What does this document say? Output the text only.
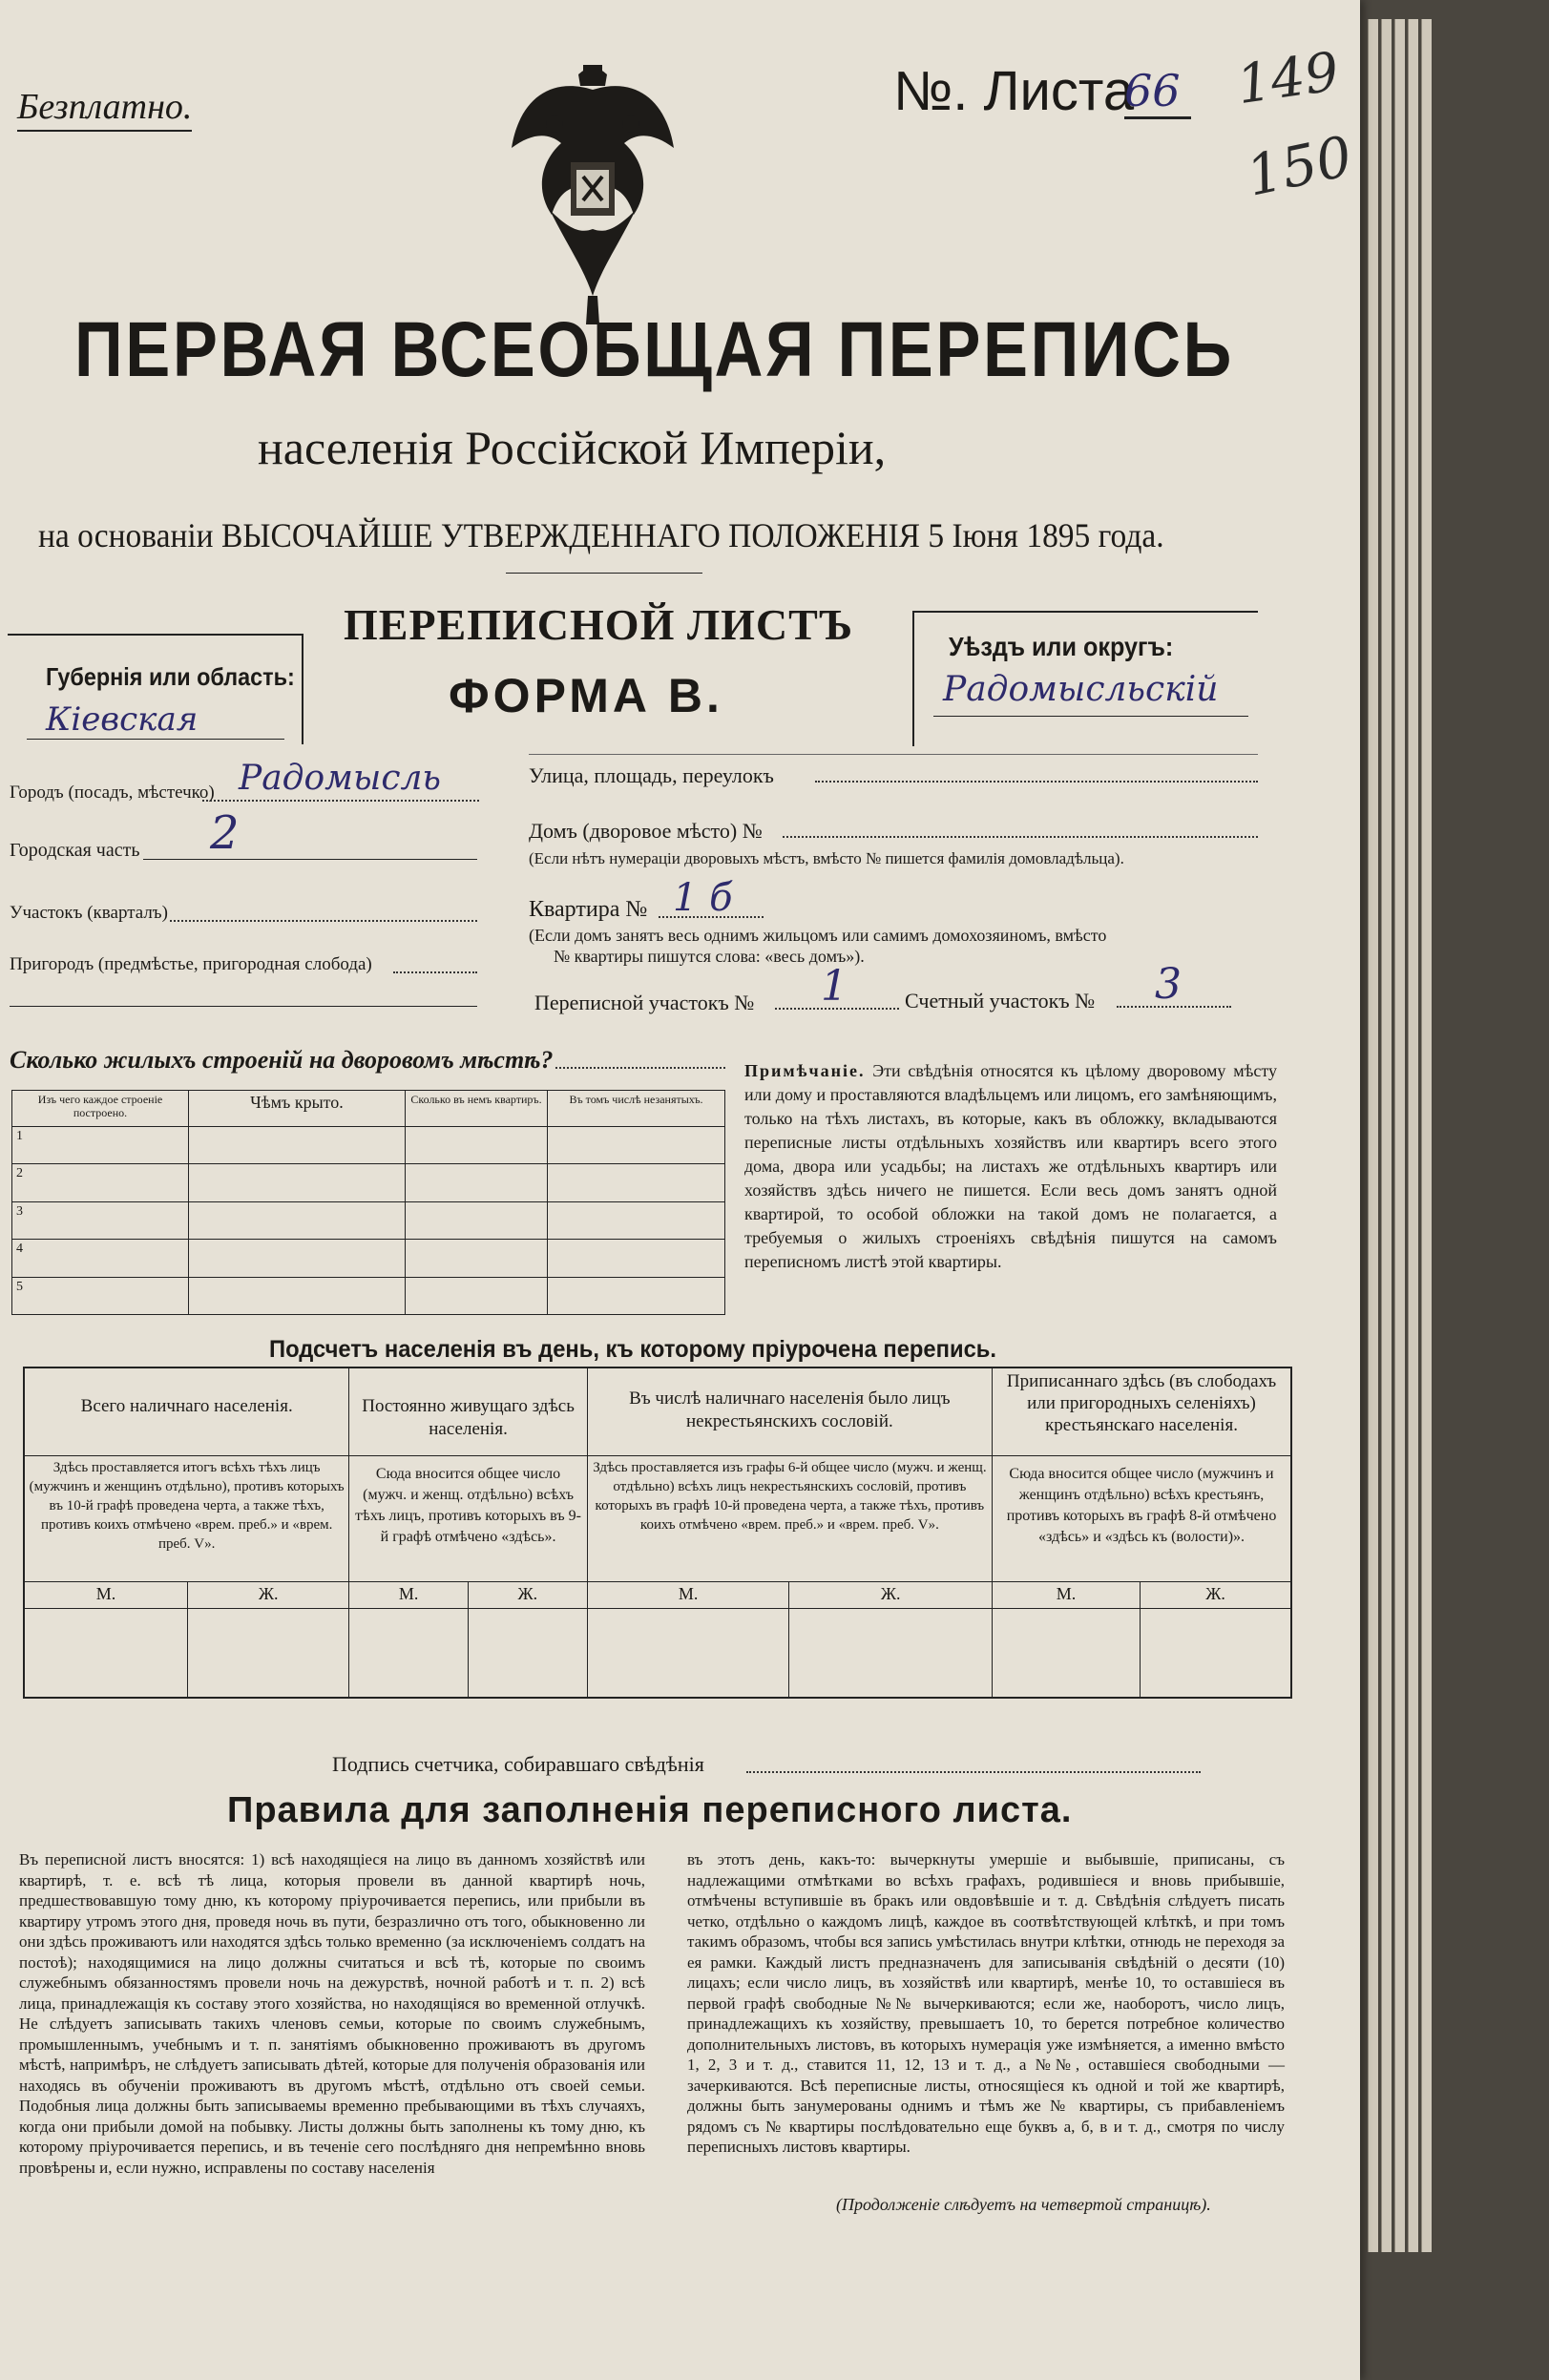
Безплатно.	№. Листа
66 149
150
ПЕРВАЯ ВСЕОБЩАЯ ПЕРЕПИСЬ
населенія Россійской Имперіи,
на основаніи ВЫСОЧАЙШЕ УТВЕРЖДЕННАГО ПОЛОЖЕНІЯ 5 Іюня 1895 года.
Губернія или область:
Кіевская
ПЕРЕПИСНОЙ ЛИСТЪ
ФОРМА В.
Уѣздъ или округъ:
Радомысльскій
Городъ (посадъ, мѣстечко) Радомысль
Городская часть 2
Участокъ (кварталъ)
Пригородъ (предмѣстье, пригородная слобода)
Улица, площадь, переулокъ
Домъ (дворовое мѣсто) №
(Если нѣтъ нумераціи дворовыхъ мѣстъ, вмѣсто № пишется фамилія домовладѣльца).
Квартира № 1 б
(Если домъ занятъ весь однимъ жильцомъ или самимъ домохозяиномъ, вмѣсто
№ квартиры пишутся слова: «весь домъ»).
Переписной участокъ № 1	Счетный участокъ № 3
Сколько жилыхъ строеній на дворовомъ мѣстѣ?
Изъ чего каждое строеніе построено.	Чѣмъ крыто.	Сколько въ немъ квартиръ.	Въ томъ числѣ незанятыхъ.
1			
2			
3			
4			
5			
Примѣчаніе. Эти свѣдѣнія относятся къ цѣлому дворовому мѣсту или дому и проставляются владѣльцемъ или лицомъ, его замѣняющимъ, только на тѣхъ листахъ, въ которые, какъ въ обложку, вкладываются переписные листы отдѣльныхъ хозяйствъ или квартиръ всего этого дома, двора или усадьбы; на листахъ же отдѣльныхъ квартиръ или хозяйствъ здѣсь ничего не пишется. Если весь домъ занятъ одной квартирой, то особой обложки на такой домъ не полагается, а требуемыя о жилыхъ строеніяхъ свѣдѣнія пишутся на самомъ переписномъ листѣ этой квартиры.
Подсчетъ населенія въ день, къ которому пріурочена перепись.
Всего наличнаго населенія.		Постоянно живущаго здѣсь населенія.		Въ числѣ наличнаго населенія было лицъ некрестьянскихъ сословій.		Приписаннаго здѣсь (въ слободахъ или пригородныхъ селеніяхъ) крестьянскаго населенія.	
Здѣсь проставляется итогъ всѣхъ тѣхъ лицъ (мужчинъ и женщинъ отдѣльно), противъ которыхъ въ 10-й графѣ проведена черта, а также тѣхъ, противъ коихъ отмѣчено «врем. преб.» и «врем. преб. V».		Сюда вносится общее число (мужч. и женщ. отдѣльно) всѣхъ тѣхъ лицъ, противъ которыхъ въ 9-й графѣ отмѣчено «здѣсь».		Здѣсь проставляется изъ графы 6-й общее число (мужч. и женщ. отдѣльно) всѣхъ лицъ некрестьянскихъ сословій, противъ которыхъ въ графѣ 10-й проведена черта, а также тѣхъ, противъ коихъ отмѣчено «врем. преб.» и «врем. преб. V».		Сюда вносится общее число (мужчинъ и женщинъ отдѣльно) всѣхъ крестьянъ, противъ которыхъ въ графѣ 8-й отмѣчено «здѣсь» и «здѣсь къ (волости)».	
М.	Ж.	М.	Ж.	М.	Ж.	М.	Ж.

Подпись счетчика, собиравшаго свѣдѣнія
Правила для заполненія переписного листа.
Въ переписной листъ вносятся: 1) всѣ находящіеся на лицо въ данномъ хозяйствѣ или квартирѣ, т. е. всѣ тѣ лица, которыя провели въ данной квартирѣ ночь, предшествовавшую тому дню, къ которому пріурочивается перепись, или прибыли въ квартиру утромъ этого дня, проведя ночь въ пути, безразлично отъ того, обыкновенно ли они здѣсь проживаютъ или находятся здѣсь только временно (за исключеніемъ солдатъ на постоѣ); находящимися на лицо должны считаться и всѣ тѣ, которые по своимъ служебнымъ обязанностямъ провели ночь на дежурствѣ, ночной работѣ и т. п. 2) всѣ лица, принадлежащія къ составу этого хозяйства, но находящіяся во временной отлучкѣ. Не слѣдуетъ записывать такихъ членовъ семьи, которые по своимъ служебнымъ, промышленнымъ, учебнымъ и т. п. занятіямъ обыкновенно проживаютъ въ другомъ мѣстѣ, напримѣръ, не слѣдуетъ записывать дѣтей, которые для полученія образованія или находясь въ обученіи проживаютъ въ другомъ мѣстѣ, отдѣльно отъ своей семьи. Подобныя лица должны быть записываемы временно пребывающими въ тѣхъ случаяхъ, когда они прибыли домой на побывку. Листы должны быть заполнены къ тому дню, къ которому пріурочивается перепись, и въ теченіе сего послѣдняго дня непремѣнно вновь провѣрены и, если нужно, исправлены по составу населенія
въ этотъ день, какъ-то: вычеркнуты умершіе и выбывшіе, приписаны, съ надлежащими отмѣтками во всѣхъ графахъ, родившіеся и вновь прибывшіе, отмѣчены вступившіе въ бракъ или овдовѣвшіе и т. д. Свѣдѣнія слѣдуетъ писать четко, отдѣльно о каждомъ лицѣ, каждое въ соотвѣтствующей клѣткѣ, и при томъ такимъ образомъ, чтобы вся запись умѣстилась внутри клѣтки, отнюдь не переходя за ея рамки. Каждый листъ предназначенъ для записыванія свѣдѣній о десяти (10) лицахъ; если число лицъ, въ хозяйствѣ или квартирѣ, менѣе 10, то оставшіеся въ первой графѣ свободные №№ вычеркиваются; если же, наоборотъ, число лицъ, принадлежащихъ къ хозяйству, превышаетъ 10, то берется потребное количество дополнительныхъ листовъ, въ которыхъ нумерація уже измѣняется, а именно вмѣсто 1, 2, 3 и т. д., ставится 11, 12, 13 и т. д., а №№, оставшіеся свободными — зачеркиваются. Всѣ переписные листы, относящіеся къ одной и той же квартирѣ, должны быть занумерованы однимъ и тѣмъ же № квартиры, съ прибавленіемъ рядомъ съ № квартиры послѣдовательно еще буквъ а, б, в и т. д., смотря по числу переписныхъ листовъ квартиры.
(Продолженіе слѣдуетъ на четвертой страницѣ).
